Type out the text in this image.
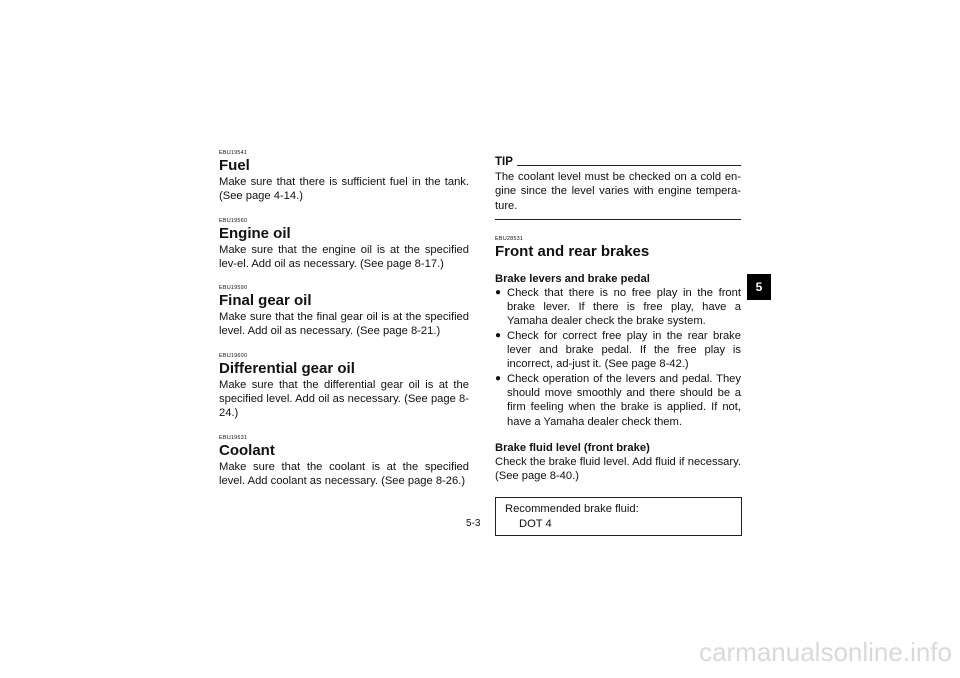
EBU19541

Fuel

Make sure that there is sufficient fuel in the tank. (See page 4-14.)

EBU19560

Engine oil

Make sure that the engine oil is at the specified lev-el. Add oil as necessary. (See page 8-17.)

EBU19590

Final gear oil

Make sure that the final gear oil is at the specified level. Add oil as necessary. (See page 8-21.)

EBU19600

Differential gear oil

Make sure that the differential gear oil is at the specified level. Add oil as necessary. (See page 8-24.)

EBU19631

Coolant

Make sure that the coolant is at the specified level. Add coolant as necessary. (See page 8-26.)

TIP

The coolant level must be checked on a cold en-gine since the level varies with engine tempera-ture.

EBU28531

Front and rear brakes

Brake levers and brake pedal

● Check that there is no free play in the front brake lever. If there is free play, have a Yamaha dealer check the brake system.
● Check for correct free play in the rear brake lever and brake pedal. If the free play is incorrect, ad-just it. (See page 8-42.)
● Check operation of the levers and pedal. They should move smoothly and there should be a firm feeling when the brake is applied. If not, have a Yamaha dealer check them.

Brake fluid level (front brake)

Check the brake fluid level. Add fluid if necessary. (See page 8-40.)

Recommended brake fluid:
DOT 4
5
5-3
carmanualsonline.info
